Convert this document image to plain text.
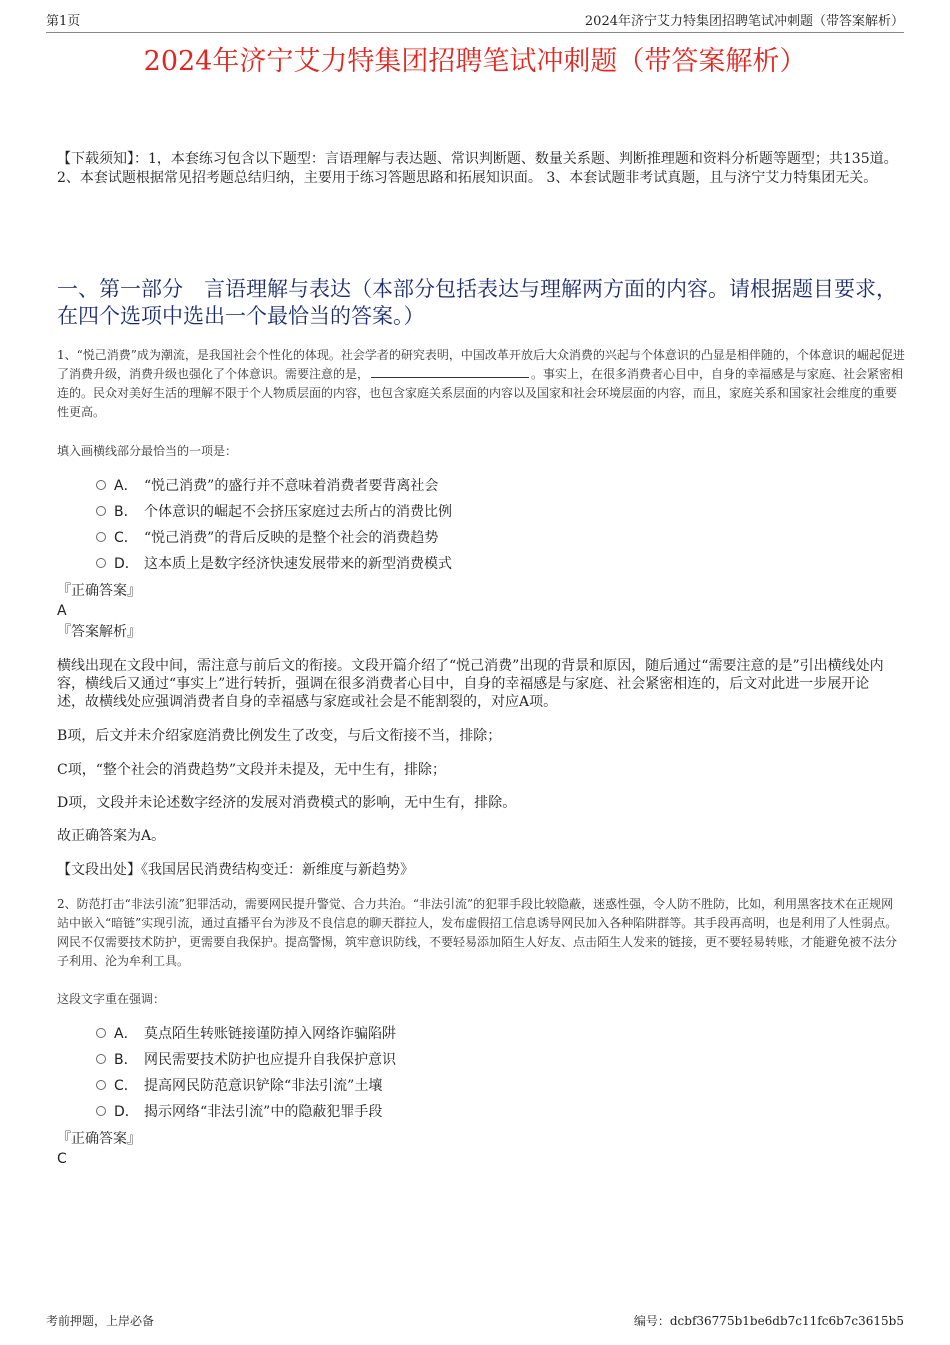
第1页	2024年济宁艾力特集团招聘笔试冲刺题（带答案解析）
2024年济宁艾力特集团招聘笔试冲刺题（带答案解析）
【下载须知】：1，本套练习包含以下题型：言语理解与表达题、常识判断题、数量关系题、判断推理题和资料分析题等题型；共135道。 2、本套试题根据常见招考题总结归纳，主要用于练习答题思路和拓展知识面。 3、本套试题非考试真题，且与济宁艾力特集团无关。
一、第一部分　言语理解与表达（本部分包括表达与理解两方面的内容。请根据题目要求，在四个选项中选出一个最恰当的答案。）
1、“悦己消费”成为潮流，是我国社会个性化的体现。社会学者的研究表明，中国改革开放后大众消费的兴起与个体意识的凸显是相伴随的，个体意识的崛起促进了消费升级，消费升级也强化了个体意识。需要注意的是，	。事实上，在很多消费者心目中，自身的幸福感是与家庭、社会紧密相连的。民众对美好生活的理解不限于个人物质层面的内容，也包含家庭关系层面的内容以及国家和社会环境层面的内容，而且，家庭关系和国家社会维度的重要性更高。
填入画横线部分最恰当的一项是：
A． “悦己消费”的盛行并不意味着消费者要背离社会
B． 个体意识的崛起不会挤压家庭过去所占的消费比例
C． “悦己消费”的背后反映的是整个社会的消费趋势
D． 这本质上是数字经济快速发展带来的新型消费模式
『正确答案』
A
『答案解析』
横线出现在文段中间，需注意与前后文的衔接。文段开篇介绍了“悦己消费”出现的背景和原因，随后通过“需要注意的是”引出横线处内容，横线后又通过“事实上”进行转折，强调在很多消费者心目中，自身的幸福感是与家庭、社会紧密相连的，后文对此进一步展开论述，故横线处应强调消费者自身的幸福感与家庭或社会是不能割裂的，对应A项。
B项，后文并未介绍家庭消费比例发生了改变，与后文衔接不当，排除；
C项，“整个社会的消费趋势”文段并未提及，无中生有，排除；
D项，文段并未论述数字经济的发展对消费模式的影响，无中生有，排除。
故正确答案为A。
【文段出处】《我国居民消费结构变迁：新维度与新趋势》
2、防范打击“非法引流”犯罪活动，需要网民提升警觉、合力共治。“非法引流”的犯罪手段比较隐蔽，迷惑性强，令人防不胜防，比如，利用黑客技术在正规网站中嵌入“暗链”实现引流，通过直播平台为涉及不良信息的聊天群拉人，发布虚假招工信息诱导网民加入各种陷阱群等。其手段再高明，也是利用了人性弱点。网民不仅需要技术防护，更需要自我保护。提高警惕，筑牢意识防线，不要轻易添加陌生人好友、点击陌生人发来的链接，更不要轻易转账，才能避免被不法分子利用、沦为牟利工具。
这段文字重在强调：
A． 莫点陌生转账链接谨防掉入网络诈骗陷阱
B． 网民需要技术防护也应提升自我保护意识
C． 提高网民防范意识铲除“非法引流”土壤
D． 揭示网络“非法引流”中的隐蔽犯罪手段
『正确答案』
C
考前押题，上岸必备	编号：dcbf36775b1be6db7c11fc6b7c3615b5
